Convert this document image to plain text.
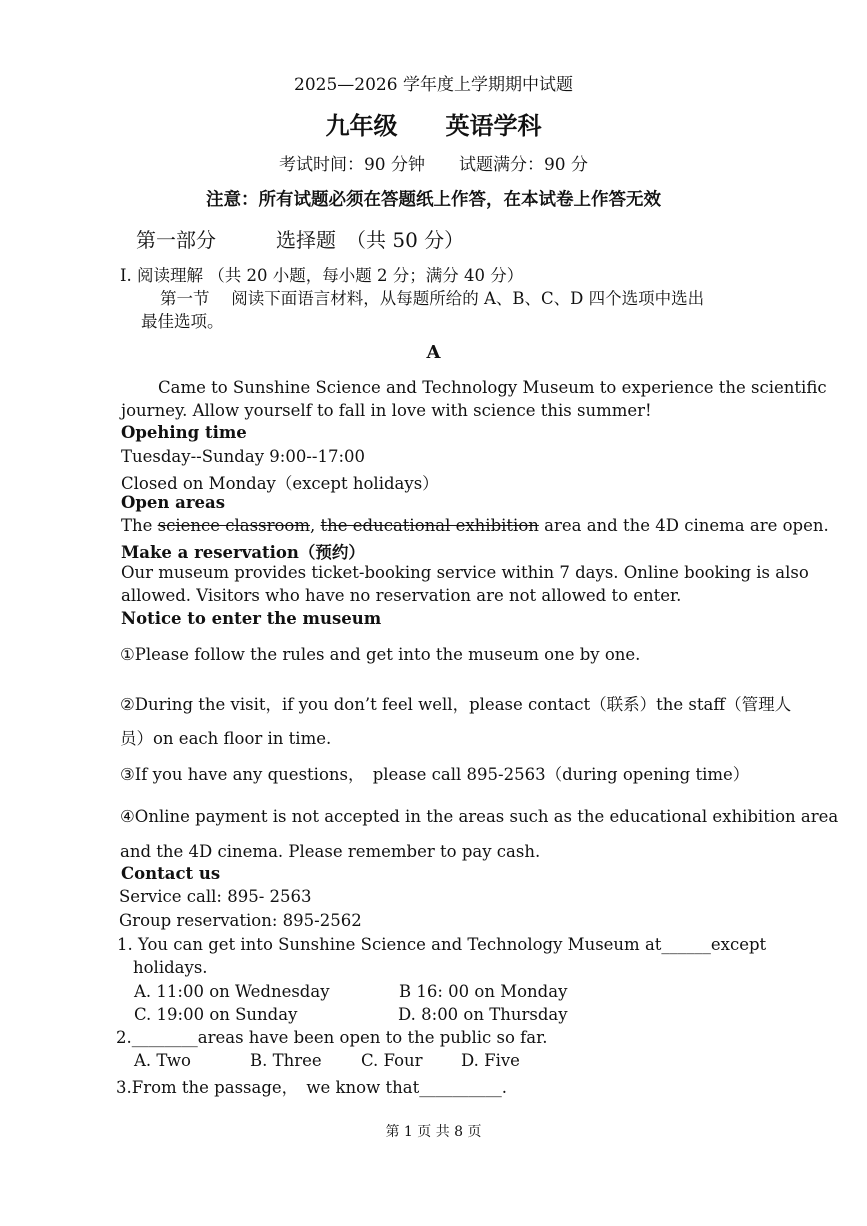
2025—2026 学年度上学期期中试题
九年级　　英语学科
考试时间：90 分钟　　试题满分：90 分
注意：所有试题必须在答题纸上作答，在本试卷上作答无效
第一部分　　　选择题　（共 50 分）
I. 阅读理解 （共 20 小题，每小题 2 分；满分 40 分）
第一节　 阅读下面语言材料，从每题所给的 A、B、C、D 四个选项中选出
最佳选项。
A
Came to Sunshine Science and Technology Museum to experience the scientific
journey. Allow yourself to fall in love with science this summer!
Opehing time
Tuesday--Sunday 9:00--17:00
Closed on Monday（except holidays）
Open areas
The science classroom, the educational exhibition area and the 4D cinema are open.
Make a reservation（预约）
Our museum provides ticket-booking service within 7 days. Online booking is also
allowed. Visitors who have no reservation are not allowed to enter.
Notice to enter the museum
①Please follow the rules and get into the museum one by one.
②During the visit，if you don’t feel well，please contact（联系）the staff（管理人
员）on each floor in time.
③If you have any questions，　please call 895-2563（during opening time）
④Online payment is not accepted in the areas such as the educational exhibition area
and the 4D cinema. Please remember to pay cash.
Contact us
Service call: 895- 2563
Group reservation: 895-2562
1. You can get into Sunshine Science and Technology Museum at______except
holidays.
A. 11:00 on Wednesday	B 16: 00 on Monday
C. 19:00 on Sunday	D. 8:00 on Thursday
2.________areas have been open to the public so far.
A. Two	B. Three C. Four D. Five
3.From the passage，　we know that__________.
第 1 页 共 8 页
